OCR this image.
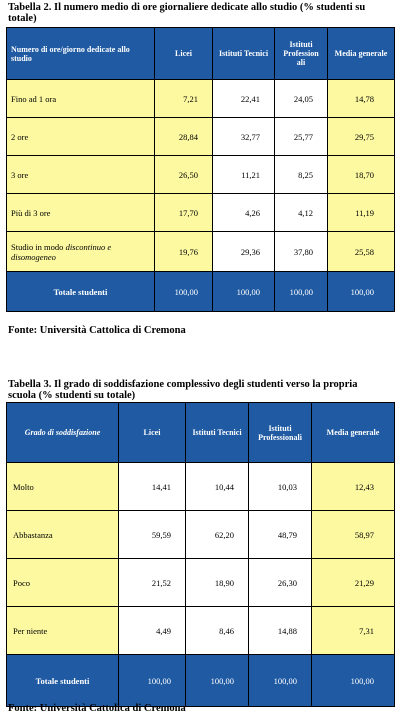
Tabella 2. Il numero medio di ore giornaliere dedicate allo studio (% studenti su totale)
Numero di ore/giorno dedicate allo studio	Licei	Istituti Tecnici	Istituti Profession ali	Media generale
Fino ad 1 ora	7,21	22,41	24,05	14,78
2 ore	28,84	32,77	25,77	29,75
3 ore	26,50	11,21	8,25	18,70
Più di 3 ore	17,70	4,26	4,12	11,19
Studio in modo discontinuo e disomogeneo	19,76	29,36	37,80	25,58
Totale studenti	100,00	100,00	100,00	100,00
Fonte: Università Cattolica di Cremona
Tabella 3. Il grado di soddisfazione complessivo degli studenti verso la propria scuola (% studenti su totale)
Grado di soddisfazione	Licei	Istituti Tecnici	Istituti Professionali	Media generale
Molto	14,41	10,44	10,03	12,43
Abbastanza	59,59	62,20	48,79	58,97
Poco	21,52	18,90	26,30	21,29
Per niente	4,49	8,46	14,88	7,31
Totale studenti	100,00	100,00	100,00	100,00
Fonte: Università Cattolica di Cremona
